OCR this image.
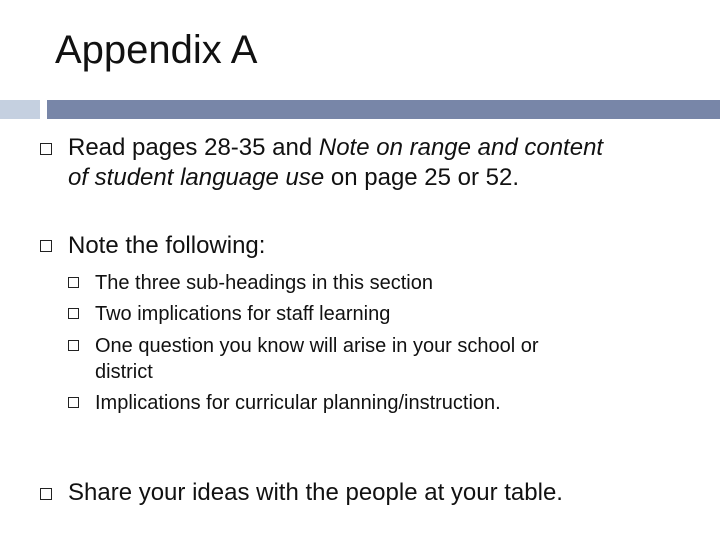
Appendix A
Read pages 28-35 and Note on range and content
of student language use on page 25 or 52.
Note the following:
The three sub-headings in this section
Two implications for staff learning
One question you know will arise in your school or
district
Implications for curricular planning/instruction.
Share your ideas with the people at your table.
